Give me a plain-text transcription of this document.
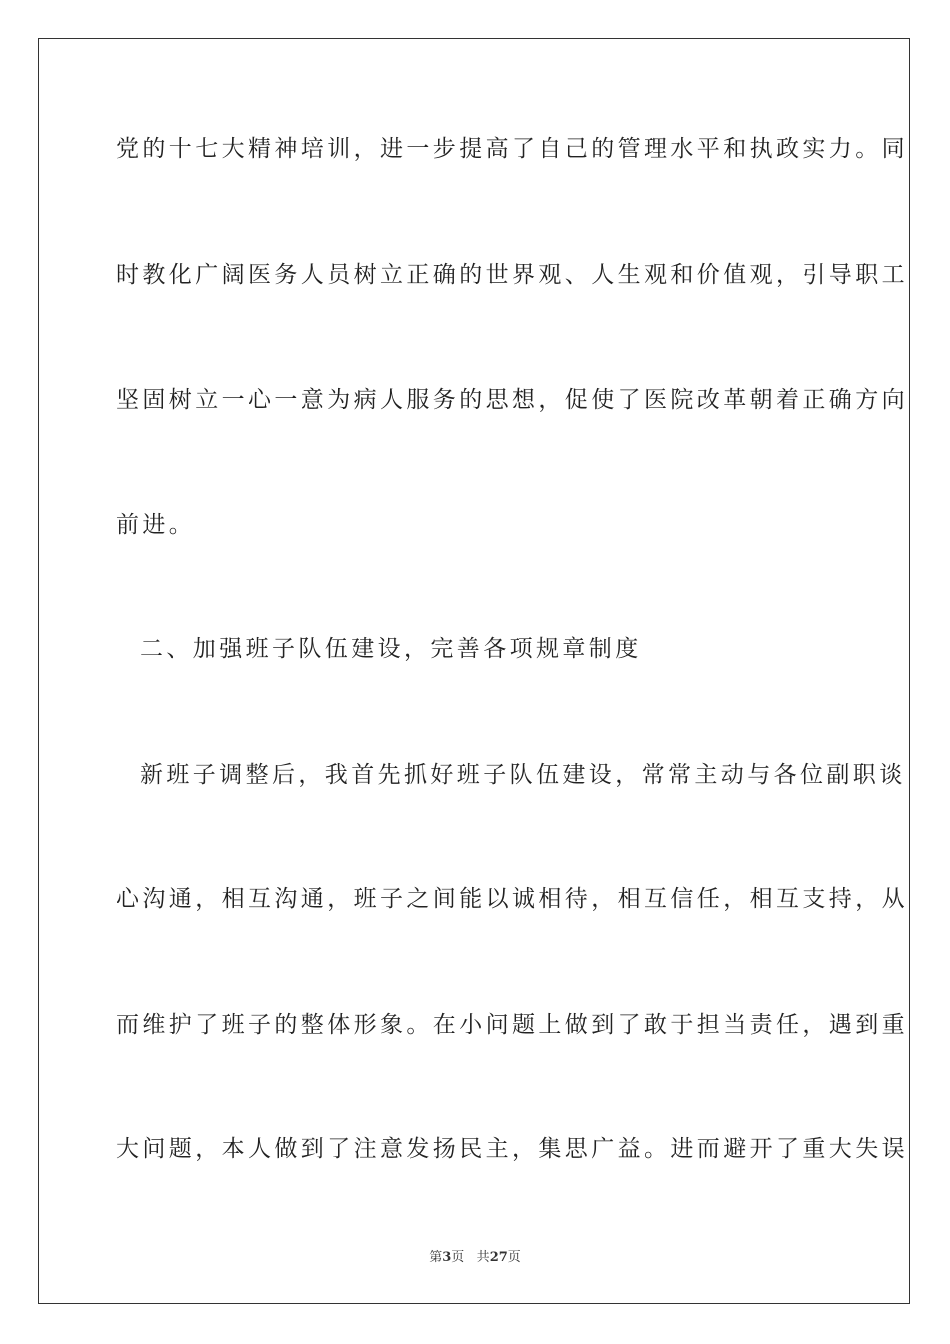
党的十七大精神培训，进一步提高了自己的管理水平和执政实力。同
时教化广阔医务人员树立正确的世界观、人生观和价值观，引导职工
坚固树立一心一意为病人服务的思想，促使了医院改革朝着正确方向
前进。
二、加强班子队伍建设，完善各项规章制度
新班子调整后，我首先抓好班子队伍建设，常常主动与各位副职谈
心沟通，相互沟通，班子之间能以诚相待，相互信任，相互支持，从
而维护了班子的整体形象。在小问题上做到了敢于担当责任，遇到重
大问题，本人做到了注意发扬民主，集思广益。进而避开了重大失误
第3页 共27页
